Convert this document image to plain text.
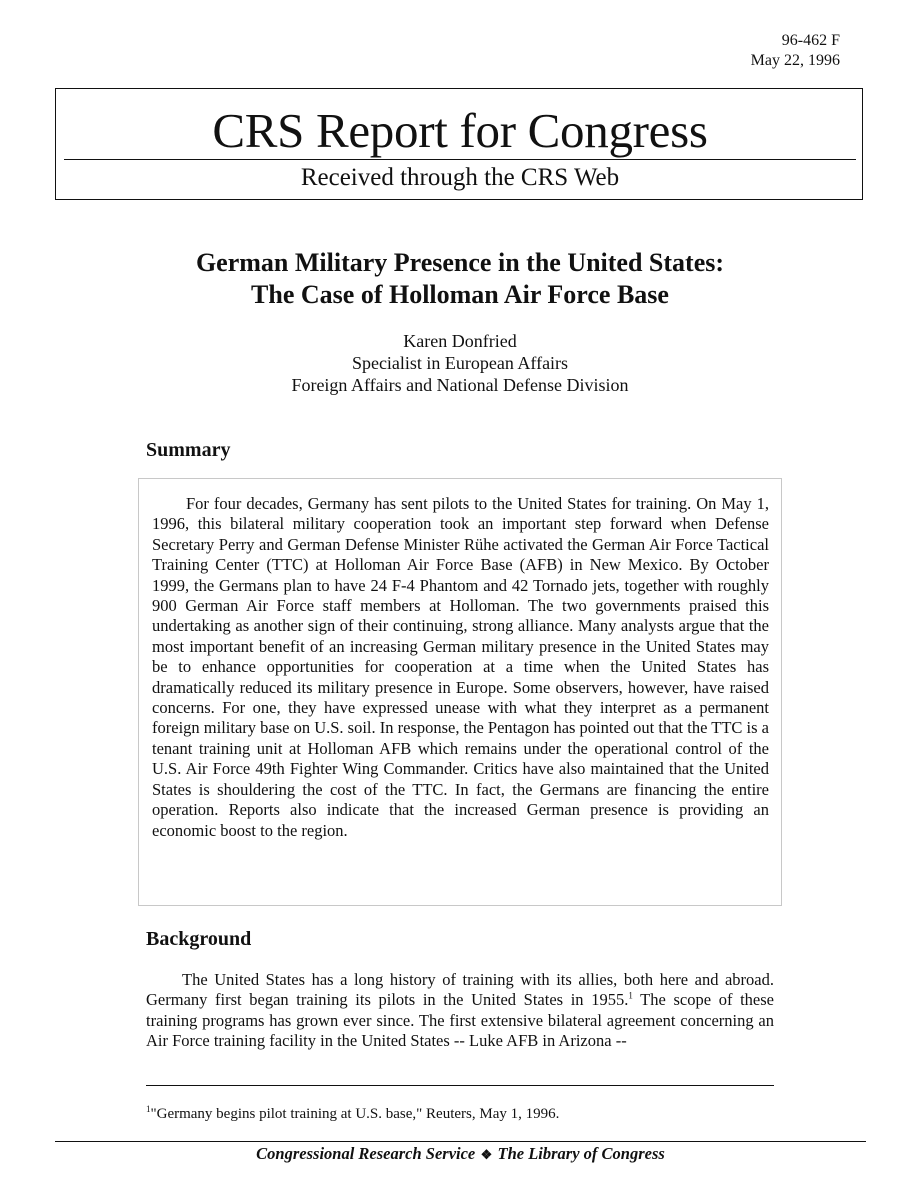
96-462 F
May 22, 1996
CRS Report for Congress
Received through the CRS Web
German Military Presence in the United States:
The Case of Holloman Air Force Base
Karen Donfried
Specialist in European Affairs
Foreign Affairs and National Defense Division
Summary

For four decades, Germany has sent pilots to the United States for training. On May 1, 1996, this bilateral military cooperation took an important step forward when Defense Secretary Perry and German Defense Minister Rühe activated the German Air Force Tactical Training Center (TTC) at Holloman Air Force Base (AFB) in New Mexico. By October 1999, the Germans plan to have 24 F-4 Phantom and 42 Tornado jets, together with roughly 900 German Air Force staff members at Holloman. The two governments praised this undertaking as another sign of their continuing, strong alliance. Many analysts argue that the most important benefit of an increasing German military presence in the United States may be to enhance opportunities for cooperation at a time when the United States has dramatically reduced its military presence in Europe. Some observers, however, have raised concerns. For one, they have expressed unease with what they interpret as a permanent foreign military base on U.S. soil. In response, the Pentagon has pointed out that the TTC is a tenant training unit at Holloman AFB which remains under the operational control of the U.S. Air Force 49th Fighter Wing Commander. Critics have also maintained that the United States is shouldering the cost of the TTC. In fact, the Germans are financing the entire operation. Reports also indicate that the increased German presence is providing an economic boost to the region.

Background

The United States has a long history of training with its allies, both here and abroad. Germany first began training its pilots in the United States in 1955.$^1$ The scope of these training programs has grown ever since. The first extensive bilateral agreement concerning an Air Force training facility in the United States -- Luke AFB in Arizona --

$^1$"Germany begins pilot training at U.S. base," Reuters, May 1, 1996.
Congressional Research Service ❖ The Library of Congress
